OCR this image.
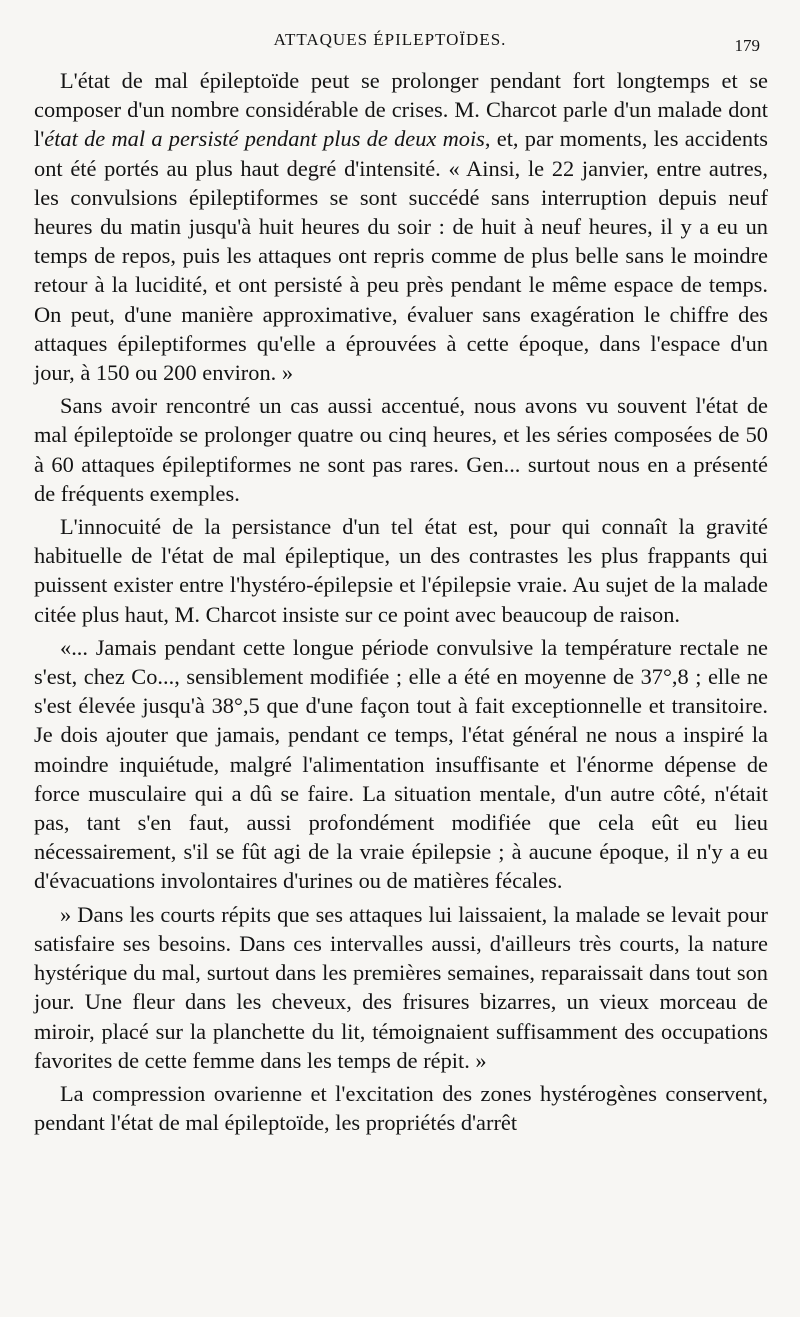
ATTAQUES ÉPILEPTOÏDES.	179

L'état de mal épileptoïde peut se prolonger pendant fort longtemps et se composer d'un nombre considérable de crises. M. Charcot parle d'un malade dont l'état de mal a persisté pendant plus de deux mois, et, par moments, les accidents ont été portés au plus haut degré d'intensité. « Ainsi, le 22 janvier, entre autres, les convulsions épileptiformes se sont succédé sans interruption depuis neuf heures du matin jusqu'à huit heures du soir : de huit à neuf heures, il y a eu un temps de repos, puis les attaques ont repris comme de plus belle sans le moindre retour à la lucidité, et ont persisté à peu près pendant le même espace de temps. On peut, d'une manière approximative, évaluer sans exagération le chiffre des attaques épileptiformes qu'elle a éprouvées à cette époque, dans l'espace d'un jour, à 150 ou 200 environ. »

Sans avoir rencontré un cas aussi accentué, nous avons vu souvent l'état de mal épileptoïde se prolonger quatre ou cinq heures, et les séries composées de 50 à 60 attaques épileptiformes ne sont pas rares. Gen... surtout nous en a présenté de fréquents exemples.

L'innocuité de la persistance d'un tel état est, pour qui connaît la gravité habituelle de l'état de mal épileptique, un des contrastes les plus frappants qui puissent exister entre l'hystéro-épilepsie et l'épilepsie vraie. Au sujet de la malade citée plus haut, M. Charcot insiste sur ce point avec beaucoup de raison.

«... Jamais pendant cette longue période convulsive la température rectale ne s'est, chez Co..., sensiblement modifiée ; elle a été en moyenne de 37°,8 ; elle ne s'est élevée jusqu'à 38°,5 que d'une façon tout à fait exceptionnelle et transitoire. Je dois ajouter que jamais, pendant ce temps, l'état général ne nous a inspiré la moindre inquiétude, malgré l'alimentation insuffisante et l'énorme dépense de force musculaire qui a dû se faire. La situation mentale, d'un autre côté, n'était pas, tant s'en faut, aussi profondément modifiée que cela eût eu lieu nécessairement, s'il se fût agi de la vraie épilepsie ; à aucune époque, il n'y a eu d'évacuations involontaires d'urines ou de matières fécales.

» Dans les courts répits que ses attaques lui laissaient, la malade se levait pour satisfaire ses besoins. Dans ces intervalles aussi, d'ailleurs très courts, la nature hystérique du mal, surtout dans les premières semaines, reparaissait dans tout son jour. Une fleur dans les cheveux, des frisures bizarres, un vieux morceau de miroir, placé sur la planchette du lit, témoignaient suffisamment des occupations favorites de cette femme dans les temps de répit. »

La compression ovarienne et l'excitation des zones hystérogènes conservent, pendant l'état de mal épileptoïde, les propriétés d'arrêt
